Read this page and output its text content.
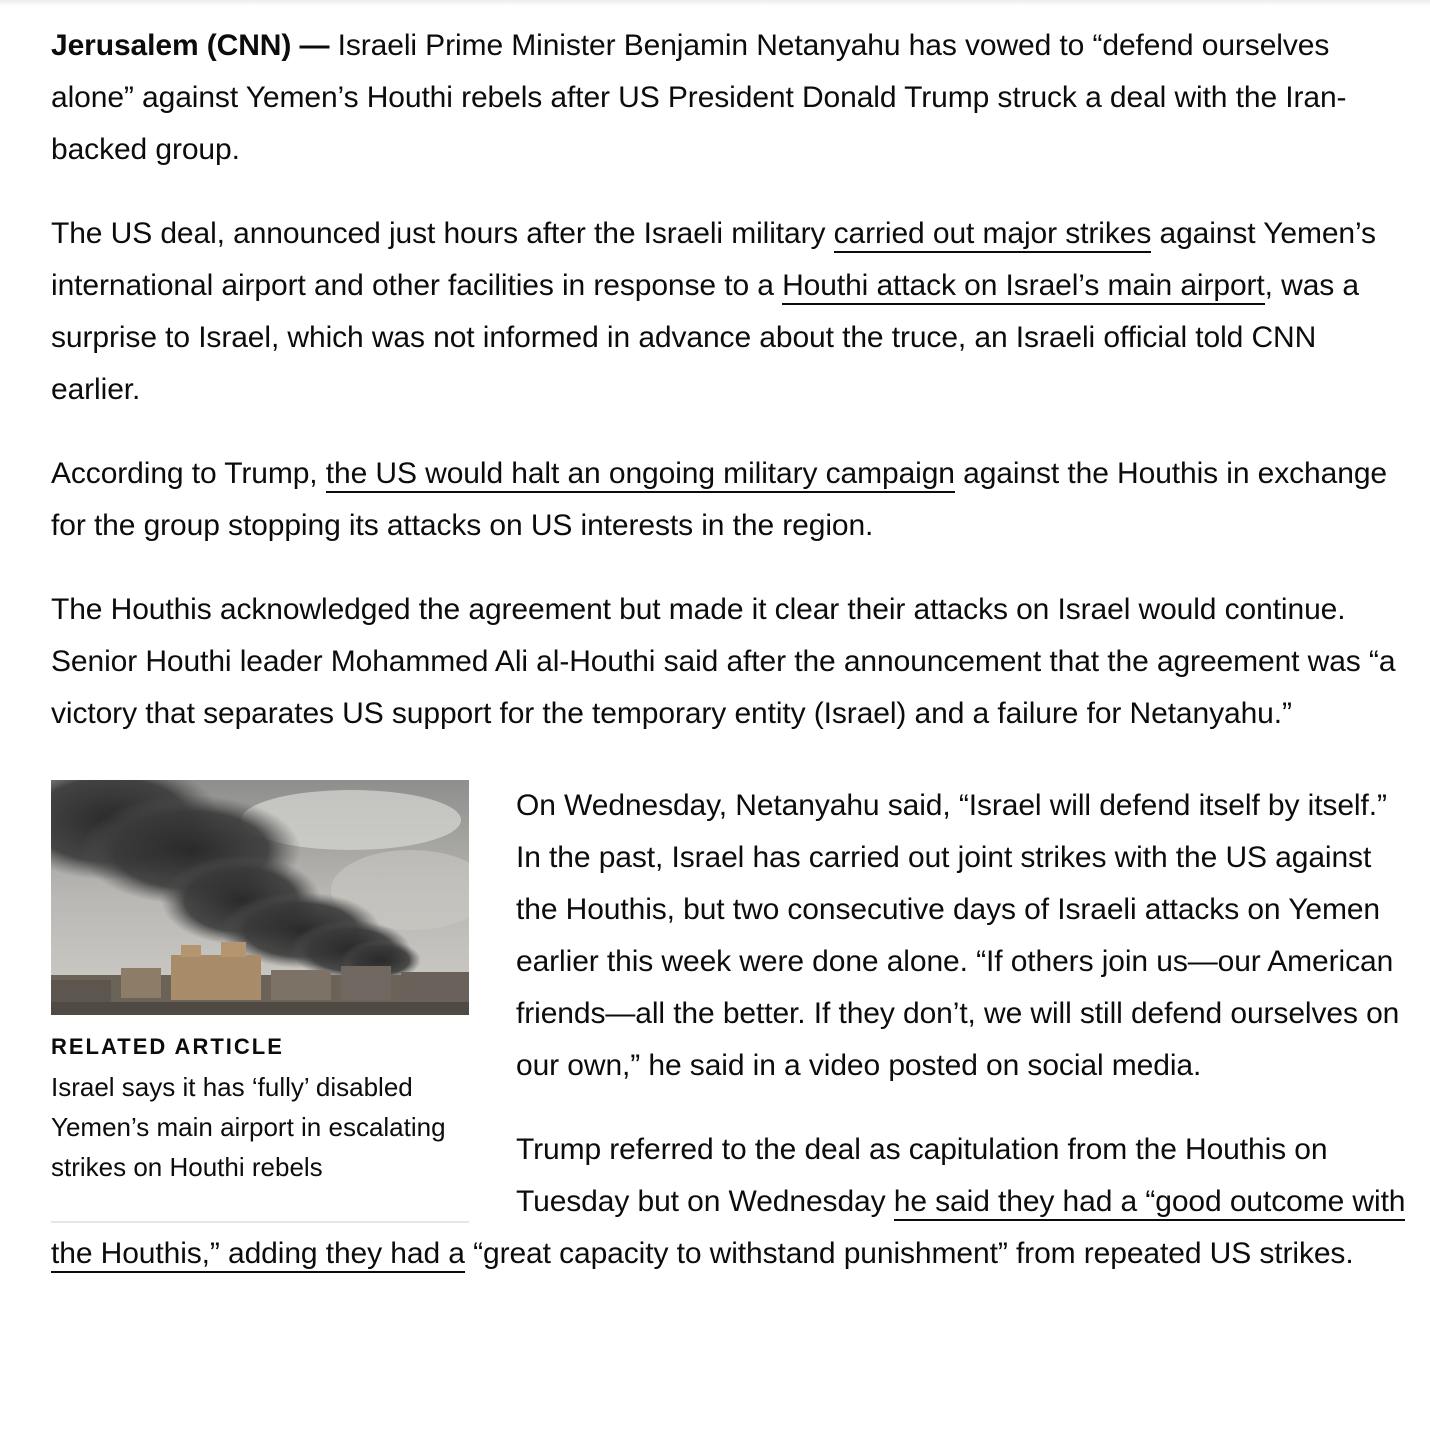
Jerusalem (CNN) — Israeli Prime Minister Benjamin Netanyahu has vowed to “defend ourselves alone” against Yemen’s Houthi rebels after US President Donald Trump struck a deal with the Iran-backed group.

The US deal, announced just hours after the Israeli military carried out major strikes against Yemen’s international airport and other facilities in response to a Houthi attack on Israel’s main airport, was a surprise to Israel, which was not informed in advance about the truce, an Israeli official told CNN earlier.

According to Trump, the US would halt an ongoing military campaign against the Houthis in exchange for the group stopping its attacks on US interests in the region.

The Houthis acknowledged the agreement but made it clear their attacks on Israel would continue. Senior Houthi leader Mohammed Ali al-Houthi said after the announcement that the agreement was “a victory that separates US support for the temporary entity (Israel) and a failure for Netanyahu.”

RELATED ARTICLE
Israel says it has ‘fully’ disabled Yemen’s main airport in escalating strikes on Houthi rebels

On Wednesday, Netanyahu said, “Israel will defend itself by itself.” In the past, Israel has carried out joint strikes with the US against the Houthis, but two consecutive days of Israeli attacks on Yemen earlier this week were done alone. “If others join us—our American friends—all the better. If they don’t, we will still defend ourselves on our own,” he said in a video posted on social media.

Trump referred to the deal as capitulation from the Houthis on Tuesday but on Wednesday he said they had a “good outcome with the Houthis,” adding they had a “great capacity to withstand punishment” from repeated US strikes.
